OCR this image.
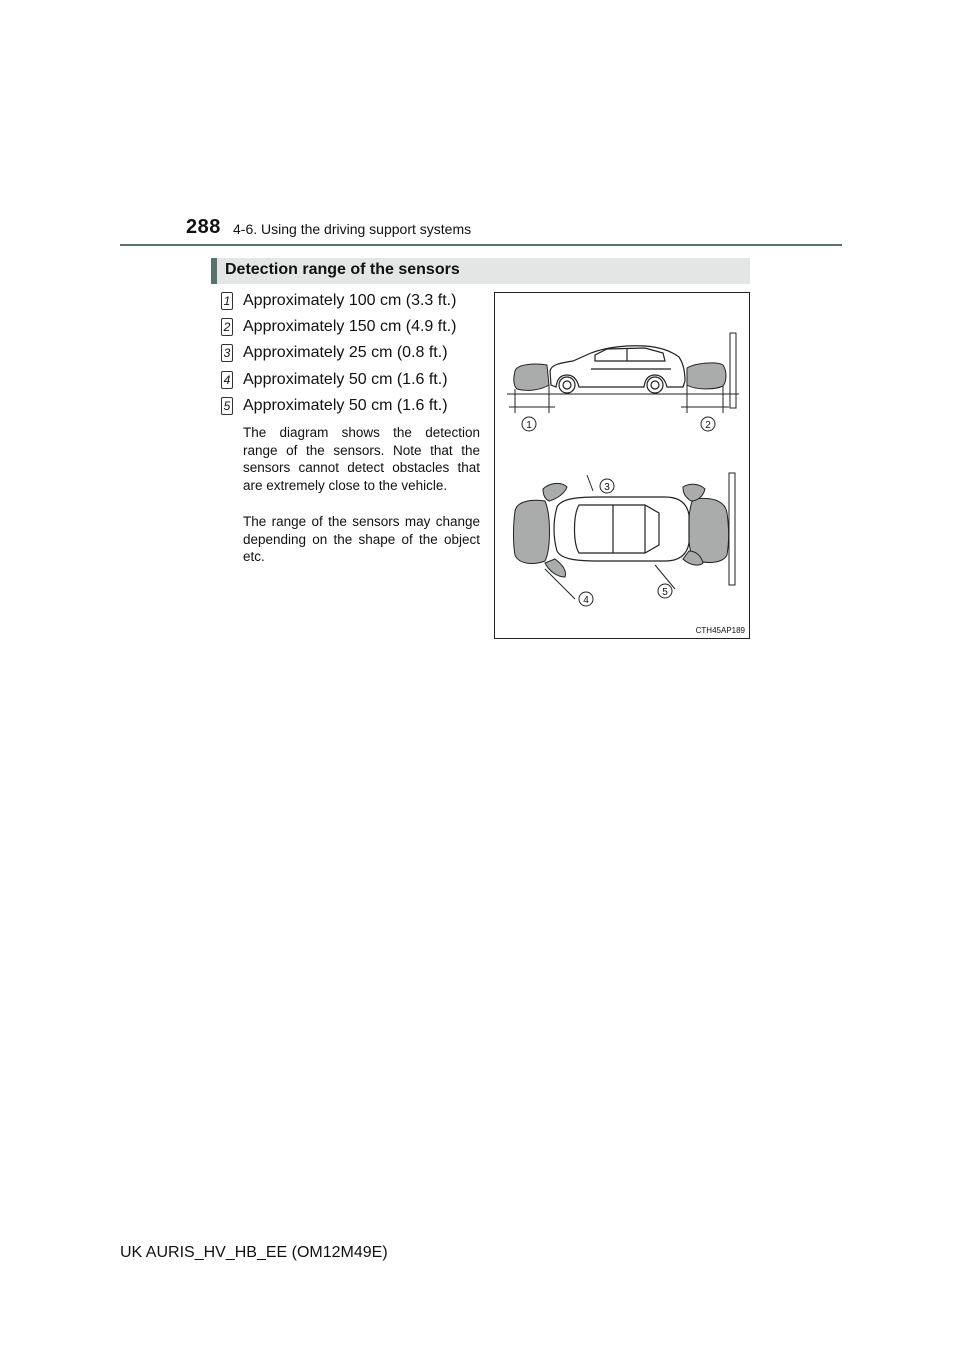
288 4-6. Using the driving support systems
Detection range of the sensors
1 Approximately 100 cm (3.3 ft.)
2 Approximately 150 cm (4.9 ft.)
3 Approximately 25 cm (0.8 ft.)
4 Approximately 50 cm (1.6 ft.)
5 Approximately 50 cm (1.6 ft.)

The diagram shows the detection range of the sensors. Note that the sensors cannot detect obstacles that are extremely close to the vehicle.

The range of the sensors may change depending on the shape of the object etc.

1	2
3
4
5
CTH45AP189
UK AURIS_HV_HB_EE (OM12M49E)
